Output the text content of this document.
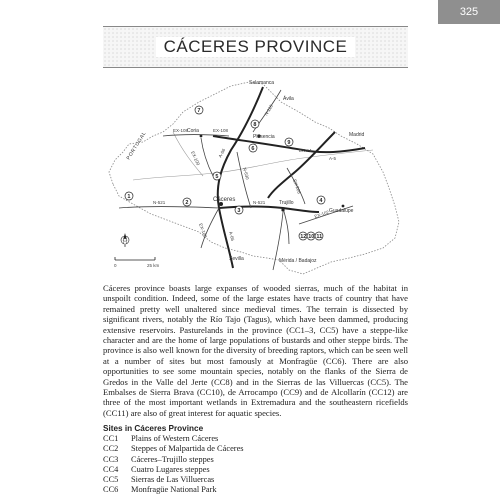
325
CÁCERES PROVINCE
Salamanca
Ávila
Coria
Plasencia	Madrid
Cáceres	Trujillo
Guadalupe
Sevilla	Mérida / Badajoz
PORTUGAL
N-110
EX-108	EX-108
EX-109	EX-A1
A-5
A-66
N-630
N-521	N-521
EX-100	A-66
EX-102
EX-208
1
2
3
4
5
6
7
8
9
10 11
12
0	25 km

Cáceres province boasts large expanses of wooded sierras, much of the habitat in unspoilt condition. Indeed, some of the large estates have tracts of country that have remained pretty well unaltered since medieval times. The terrain is dissected by significant rivers, notably the Río Tajo (Tagus), which have been dammed, producing extensive reservoirs. Pasturelands in the province (CC1–3, CC5) have a steppe-like character and are the home of large populations of bustards and other steppe birds. The province is also well known for the diversity of breeding raptors, which can be seen well at a number of sites but most famously at Monfragüe (CC6). There are also opportunities to see some mountain species, notably on the flanks of the Sierra de Gredos in the Valle del Jerte (CC8) and in the Sierras de las Villuercas (CC5). The Embalses de Sierra Brava (CC10), de Arrocampo (CC9) and de Alcollarín (CC12) are three of the most important wetlands in Extremadura and the southeastern ricefields (CC11) are also of great interest for aquatic species.

Sites in Cáceres Province
CC1	Plains of Western Cáceres
CC2	Steppes of Malpartida de Cáceres
CC3	Cáceres–Trujillo steppes
CC4	Cuatro Lugares steppes
CC5	Sierras de Las Villuercas
CC6	Monfragüe National Park
